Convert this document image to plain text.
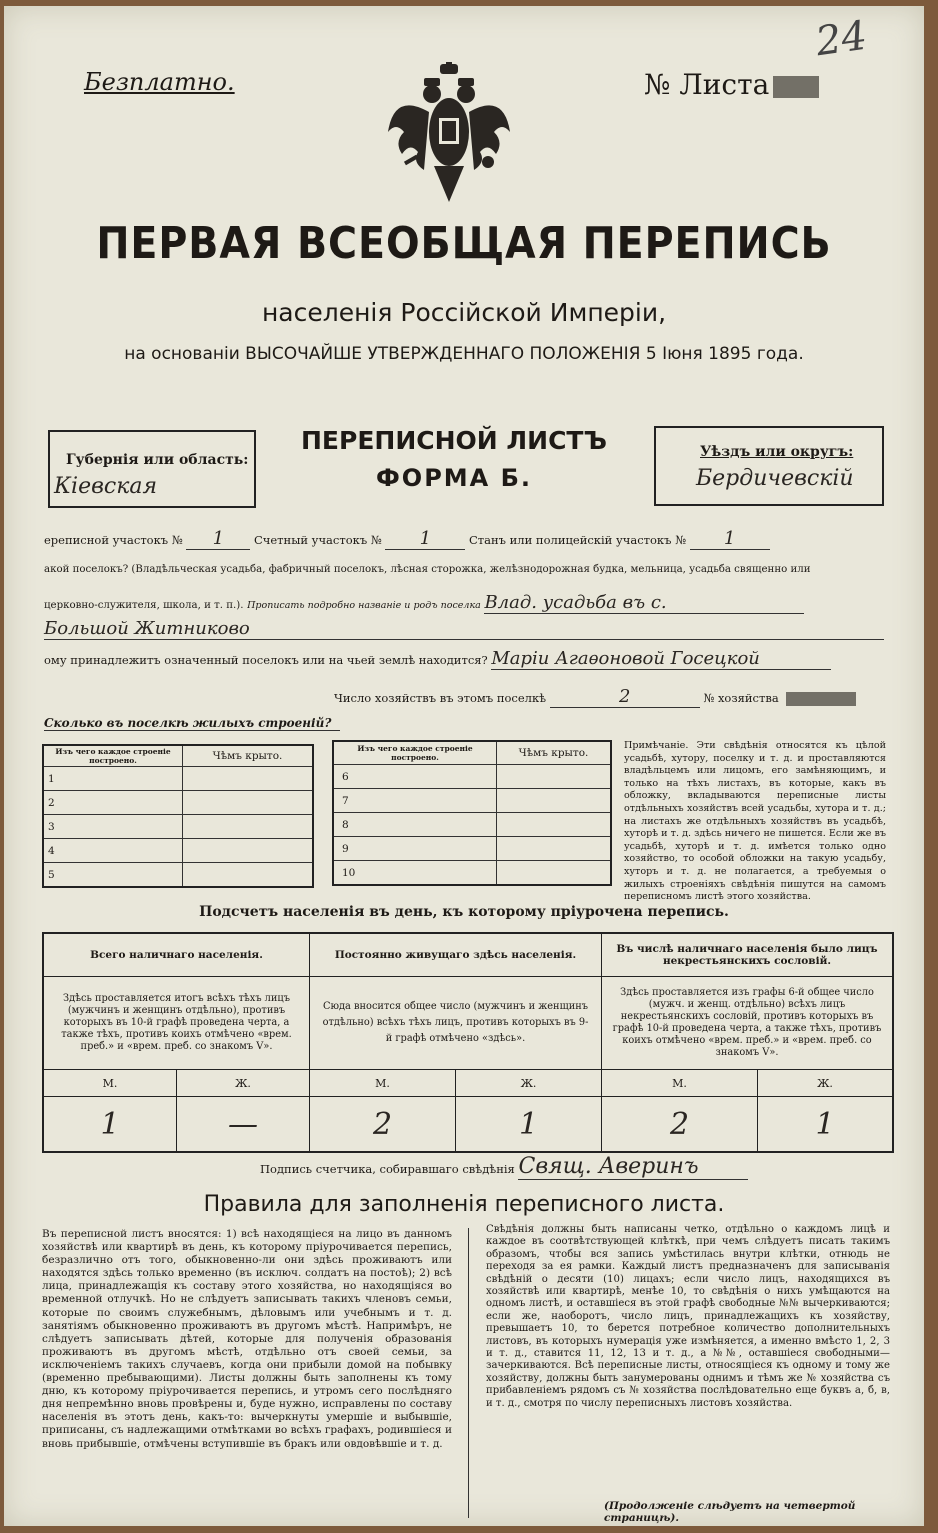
Безплатно.	№ Листа
24
ПЕРВАЯ ВСЕОБЩАЯ ПЕРЕПИСЬ
населенія Россійской Имперіи,
на основаніи ВЫСОЧАЙШЕ УТВЕРЖДЕННАГО ПОЛОЖЕНІЯ 5 Іюня 1895 года.
Губернія или область:
Кіевская
ПЕРЕПИСНОЙ ЛИСТЪ
ФОРМА Б.
Уѣздъ или округъ:
Бердичевскій
ереписной участокъ № 1	Счетный участокъ № 1	Станъ или полицейскій участокъ № 1
акой поселокъ? (Владѣльческая усадьба, фабричный поселокъ, лѣсная сторожка, желѣзнодорожная будка, мельница, усадьба священно или
церковно-служителя, школа, и т. п.). Прописать подробно названіе и родъ поселка Влад. усадьба въ с.
Большой Житниково
ому принадлежитъ означенный поселокъ или на чьей землѣ находится? Маріи Агаѳоновой Госецкой
Число хозяйствъ въ этомъ поселкѣ	2	№ хозяйства
Сколько въ поселкѣ жилыхъ строеній?
Изъ чего каждое строеніе построено.	Чѣмъ крыто.
1	
2	
3	
4	
5	
Изъ чего каждое строеніе построено.	Чѣмъ крыто.
6	
7	
8	
9	
10	
Примѣчаніе. Эти свѣдѣнія относятся къ цѣлой усадьбѣ, хутору, поселку и т. д. и проставляются владѣльцемъ или лицомъ, его замѣняющимъ, и только на тѣхъ листахъ, въ которые, какъ въ обложку, вкладываются переписные листы отдѣльныхъ хозяйствъ всей усадьбы, хутора и т. д.; на листахъ же отдѣльныхъ хозяйствъ въ усадьбѣ, хуторѣ и т. д. здѣсь ничего не пишется. Если же въ усадьбѣ, хуторѣ и т. д. имѣется только одно хозяйство, то особой обложки на такую усадьбу, хуторъ и т. д. не полагается, а требуемыя о жилыхъ строеніяхъ свѣдѣнія пишутся на самомъ переписномъ листѣ этого хозяйства.
Подсчетъ населенія въ день, къ которому пріурочена перепись.
Всего наличнаго населенія.		Постоянно живущаго здѣсь населенія.		Въ числѣ наличнаго населенія было лицъ некрестьянскихъ сословій.	
Здѣсь проставляется итогъ всѣхъ тѣхъ лицъ (мужчинъ и женщинъ отдѣльно), противъ которыхъ въ 10-й графѣ проведена черта, а также тѣхъ, противъ коихъ отмѣчено «врем. преб.» и «врем. преб. со знакомъ V».		Сюда вносится общее число (мужчинъ и женщинъ отдѣльно) всѣхъ тѣхъ лицъ, противъ которыхъ въ 9-й графѣ отмѣчено «здѣсь».		Здѣсь проставляется изъ графы 6-й общее число (мужч. и женщ. отдѣльно) всѣхъ лицъ некрестьянскихъ сословій, противъ которыхъ въ графѣ 10-й проведена черта, а также тѣхъ, противъ коихъ отмѣчено «врем. преб.» и «врем. преб. со знакомъ V».	
М.	Ж.	М.	Ж.	М.	Ж.
1	—	2	1	2	1
Подпись счетчика, собиравшаго свѣдѣнія Свящ. Аверинъ
Правила для заполненія переписного листа.
Въ переписной листъ вносятся: 1) всѣ находящіеся на лицо въ данномъ хозяйствѣ или квартирѣ въ день, къ которому пріурочивается перепись, безразлично отъ того, обыкновенно-ли они здѣсь проживаютъ или находятся здѣсь только временно (въ исключ. солдатъ на постоѣ); 2) всѣ лица, принадлежащія къ составу этого хозяйства, но находящіяся во временной отлучкѣ. Но не слѣдуетъ записывать такихъ членовъ семьи, которые по своимъ служебнымъ, дѣловымъ или учебнымъ и т. д. занятіямъ обыкновенно проживаютъ въ другомъ мѣстѣ. Напримѣръ, не слѣдуетъ записывать дѣтей, которые для полученія образованія проживаютъ въ другомъ мѣстѣ, отдѣльно отъ своей семьи, за исключеніемъ такихъ случаевъ, когда они прибыли домой на побывку (временно пребывающими). Листы должны быть заполнены къ тому дню, къ которому пріурочивается перепись, и утромъ сего послѣдняго дня непремѣнно вновь провѣрены и, буде нужно, исправлены по составу населенія въ этотъ день, какъ-то: вычеркнуты умершіе и выбывшіе, приписаны, съ надлежащими отмѣтками во всѣхъ графахъ, родившіеся и вновь прибывшіе, отмѣчены вступившіе въ бракъ или овдовѣвшіе и т. д.
Свѣдѣнія должны быть написаны четко, отдѣльно о каждомъ лицѣ и каждое въ соотвѣтствующей клѣткѣ, при чемъ слѣдуетъ писать такимъ образомъ, чтобы вся запись умѣстилась внутри клѣтки, отнюдь не переходя за ея рамки. Каждый листъ предназначенъ для записыванія свѣдѣній о десяти (10) лицахъ; если число лицъ, находящихся въ хозяйствѣ или квартирѣ, менѣе 10, то свѣдѣнія о нихъ умѣщаются на одномъ листѣ, и оставшіеся въ этой графѣ свободные №№ вычеркиваются; если же, наоборотъ, число лицъ, принадлежащихъ къ хозяйству, превышаетъ 10, то берется потребное количество дополнительныхъ листовъ, въ которыхъ нумерація уже измѣняется, а именно вмѣсто 1, 2, 3 и т. д., ставится 11, 12, 13 и т. д., а №№, оставшіеся свободными—зачеркиваются. Всѣ переписные листы, относящіеся къ одному и тому же хозяйству, должны быть занумерованы однимъ и тѣмъ же № хозяйства съ прибавленіемъ рядомъ съ № хозяйства послѣдовательно еще буквъ а, б, в, и т. д., смотря по числу переписныхъ листовъ хозяйства.
(Продолженіе слѣдуетъ на четвертой страницѣ).
